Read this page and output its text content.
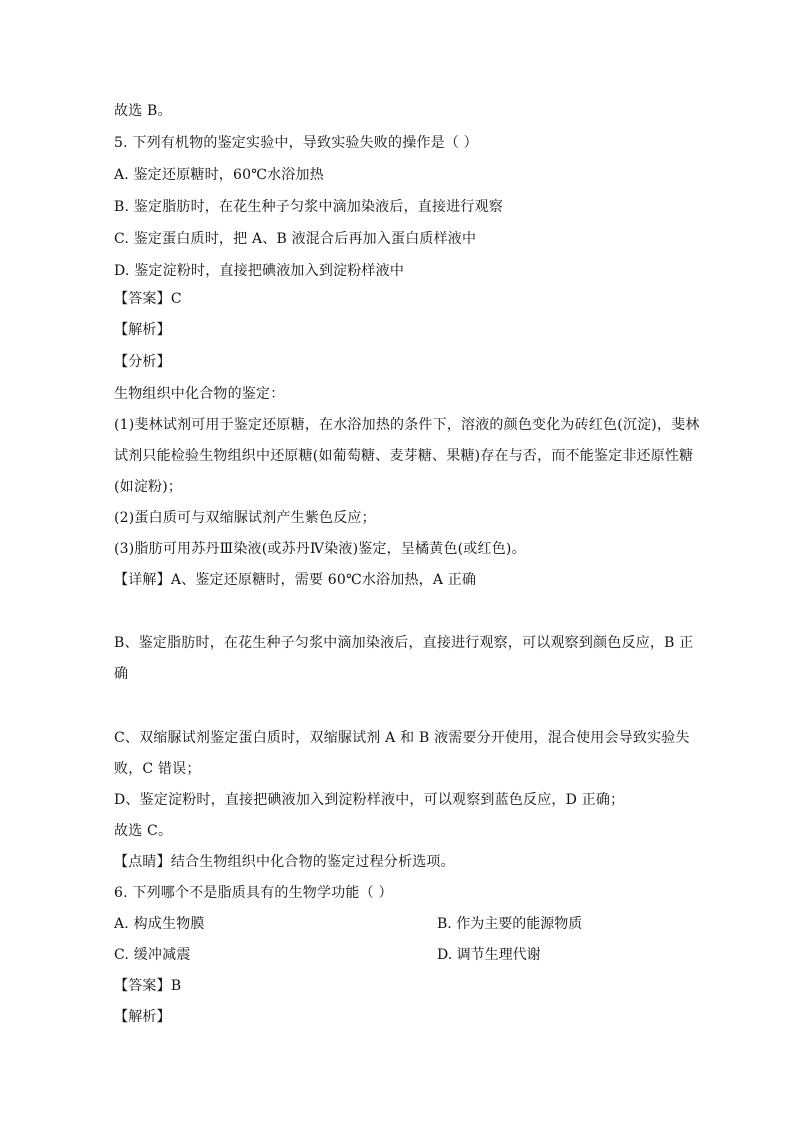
故选 B。
5. 下列有机物的鉴定实验中，导致实验失败的操作是（ ）
A. 鉴定还原糖时，60℃水浴加热
B. 鉴定脂肪时，在花生种子匀浆中滴加染液后，直接进行观察
C. 鉴定蛋白质时，把 A、B 液混合后再加入蛋白质样液中
D. 鉴定淀粉时，直接把碘液加入到淀粉样液中
【答案】C
【解析】
【分析】
生物组织中化合物的鉴定：
(1)斐林试剂可用于鉴定还原糖，在水浴加热的条件下，溶液的颜色变化为砖红色(沉淀)，斐林
试剂只能检验生物组织中还原糖(如葡萄糖、麦芽糖、果糖)存在与否，而不能鉴定非还原性糖
(如淀粉)；
(2)蛋白质可与双缩脲试剂产生紫色反应；
(3)脂肪可用苏丹Ⅲ染液(或苏丹Ⅳ染液)鉴定，呈橘黄色(或红色)。
【详解】A、鉴定还原糖时，需要 60℃水浴加热，A 正确
B、鉴定脂肪时，在花生种子匀浆中滴加染液后，直接进行观察，可以观察到颜色反应，B 正
确
C、双缩脲试剂鉴定蛋白质时，双缩脲试剂 A 和 B 液需要分开使用，混合使用会导致实验失
败，C 错误；
D、鉴定淀粉时，直接把碘液加入到淀粉样液中，可以观察到蓝色反应，D 正确；
故选 C。
【点睛】结合生物组织中化合物的鉴定过程分析选项。
6. 下列哪个不是脂质具有的生物学功能（ ）
A. 构成生物膜	B. 作为主要的能源物质
C. 缓冲减震	D. 调节生理代谢
【答案】B
【解析】
